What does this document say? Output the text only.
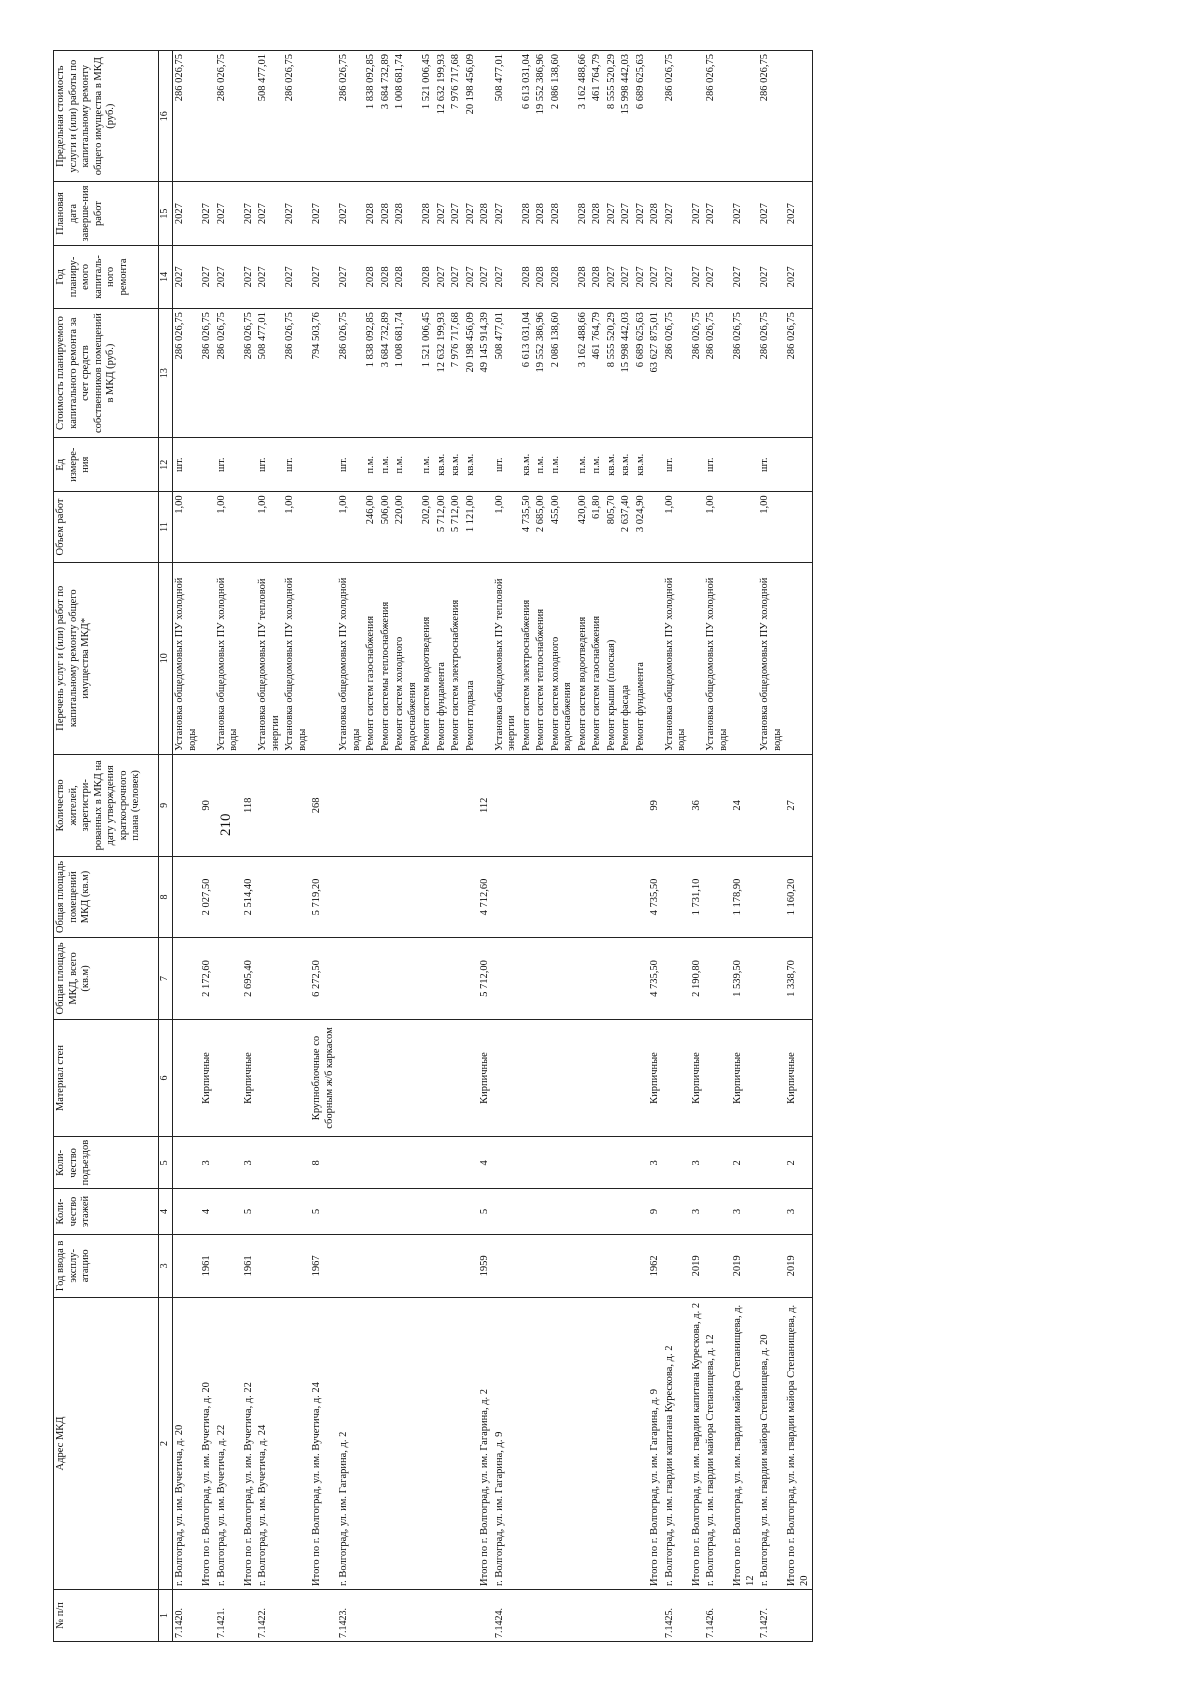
210
№ п/п	Адрес МКД	Год ввода в эксплу-атацию	Коли-чество этажей	Коли-чество подъездов	Материал стен	Общая площадь МКД, всего (кв.м)	Общая площадь помещений МКД (кв.м)	Количество жителей, зарегистри-рованных в МКД на дату утверждения краткосрочного плана (человек)	Перечень услуг и (или) работ по капитальному ремонту общего имущества МКД*	Объем работ	Ед измере-ния	Стоимость планируемого капитального ремонта за счет средств собственников помещений в МКД (руб.)	Год планиру-емого капиталь-ного ремонта	Плановая дата заверше-ния работ	Предельная стоимость услуги и (или) работы по капитальному ремонту общего имущества в МКД (руб.)
1	2	3	4	5	6	7	8	9	10	11	12	13	14	15	16
7.1420.	г. Волгоград, ул. им. Вучетича, д. 20								Установка общедомовых ПУ холодной воды	1,00	шт.	286 026,75	2027	2027	286 026,75
	Итого по г. Волгоград, ул. им. Вучетича, д. 20	1961	4	3	Кирпичные	2 172,60	2 027,50	90				286 026,75	2027	2027	
7.1421.	г. Волгоград, ул. им. Вучетича, д. 22								Установка общедомовых ПУ холодной воды	1,00	шт.	286 026,75	2027	2027	286 026,75
	Итого по г. Волгоград, ул. им. Вучетича, д. 22	1961	5	3	Кирпичные	2 695,40	2 514,40	118				286 026,75	2027	2027	
7.1422.	г. Волгоград, ул. им. Вучетича, д. 24								Установка общедомовых ПУ тепловой энергии	1,00	шт.	508 477,01	2027	2027	508 477,01
									Установка общедомовых ПУ холодной воды	1,00	шт.	286 026,75	2027	2027	286 026,75
	Итого по г. Волгоград, ул. им. Вучетича, д. 24	1967	5	8	Крупноблочные со сборным ж/б каркасом	6 272,50	5 719,20	268				794 503,76	2027	2027	
7.1423.	г. Волгоград, ул. им. Гагарина, д. 2								Установка общедомовых ПУ холодной воды	1,00	шт.	286 026,75	2027	2027	286 026,75
									Ремонт систем газоснабжения	246,00	п.м.	1 838 092,85	2028	2028	1 838 092,85
									Ремонт системы теплоснабжения	506,00	п.м.	3 684 732,89	2028	2028	3 684 732,89
									Ремонт систем холодного водоснабжения	220,00	п.м.	1 008 681,74	2028	2028	1 008 681,74
									Ремонт систем водоотведения	202,00	п.м.	1 521 006,45	2028	2028	1 521 006,45
									Ремонт фундамента	5 712,00	кв.м.	12 632 199,93	2027	2027	12 632 199,93
									Ремонт систем электроснабжения	5 712,00	кв.м.	7 976 717,68	2027	2027	7 976 717,68
									Ремонт подвала	1 121,00	кв.м.	20 198 456,09	2027	2027	20 198 456,09
	Итого по г. Волгоград, ул. им. Гагарина, д. 2	1959	5	4	Кирпичные	5 712,00	4 712,60	112				49 145 914,39	2027	2028	
7.1424.	г. Волгоград, ул. им. Гагарина, д. 9								Установка общедомовых ПУ тепловой энергии	1,00	шт.	508 477,01	2027	2027	508 477,01
									Ремонт систем электроснабжения	4 735,50	кв.м.	6 613 031,04	2028	2028	6 613 031,04
									Ремонт систем теплоснабжения	2 685,00	п.м.	19 552 386,96	2028	2028	19 552 386,96
									Ремонт систем холодного водоснабжения	455,00	п.м.	2 086 138,60	2028	2028	2 086 138,60
									Ремонт систем водоотведения	420,00	п.м.	3 162 488,66	2028	2028	3 162 488,66
									Ремонт систем газоснабжения	61,80	п.м.	461 764,79	2028	2028	461 764,79
									Ремонт крыши (плоская)	805,70	кв.м.	8 555 520,29	2027	2027	8 555 520,29
									Ремонт фасада	2 637,40	кв.м.	15 998 442,03	2027	2027	15 998 442,03
									Ремонт фундамента	3 024,90	кв.м.	6 689 625,63	2027	2027	6 689 625,63
	Итого по г. Волгоград, ул. им. Гагарина, д. 9	1962	9	3	Кирпичные	4 735,50	4 735,50	99				63 627 875,01	2027	2028	
7.1425.	г. Волгоград, ул. им. гвардии капитана Курескова, д. 2								Установка общедомовых ПУ холодной воды	1,00	шт.	286 026,75	2027	2027	286 026,75
	Итого по г. Волгоград, ул. им. гвардии капитана Курескова, д. 2	2019	3	3	Кирпичные	2 190,80	1 731,10	36				286 026,75	2027	2027	
7.1426.	г. Волгоград, ул. им. гвардии майора Степанищева, д. 12								Установка общедомовых ПУ холодной воды	1,00	шт.	286 026,75	2027	2027	286 026,75
	Итого по г. Волгоград, ул. им. гвардии майора Степанищева, д. 12	2019	3	2	Кирпичные	1 539,50	1 178,90	24				286 026,75	2027	2027	
7.1427.	г. Волгоград, ул. им. гвардии майора Степанищева, д. 20								Установка общедомовых ПУ холодной воды	1,00	шт.	286 026,75	2027	2027	286 026,75
	Итого по г. Волгоград, ул. им. гвардии майора Степанищева, д. 20	2019	3	2	Кирпичные	1 338,70	1 160,20	27				286 026,75	2027	2027	
